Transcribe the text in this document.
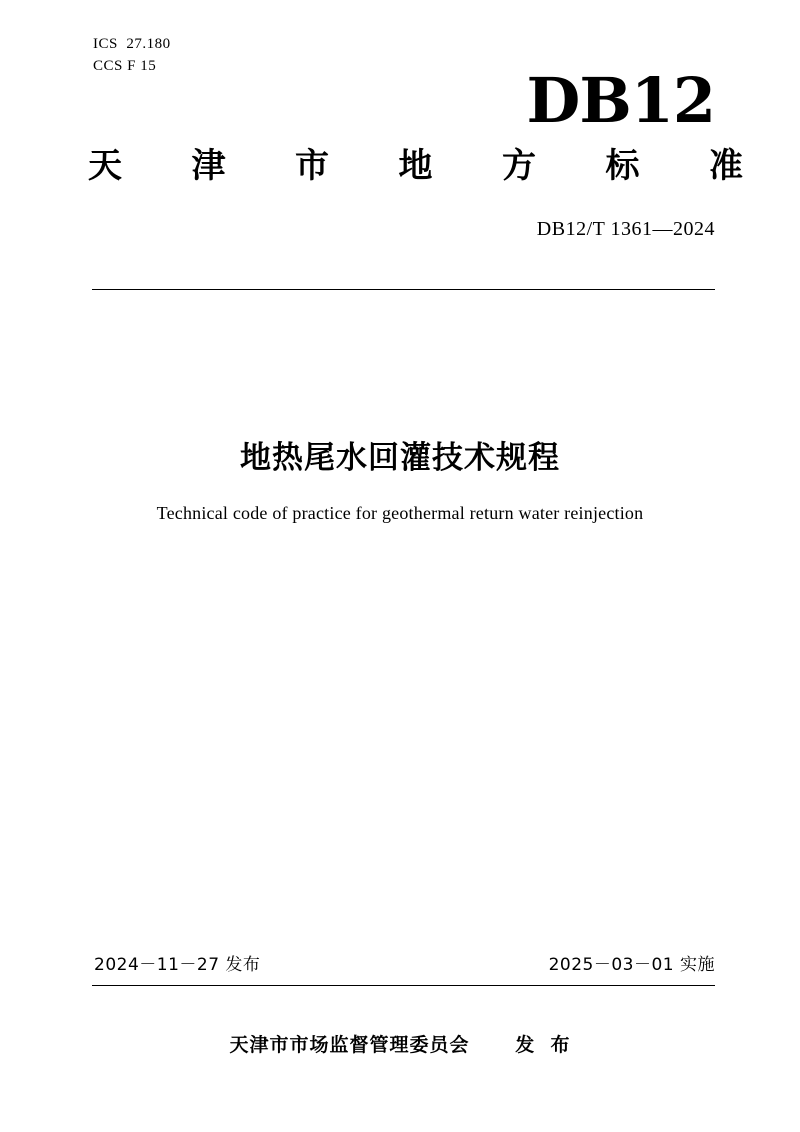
ICS  27.180
CCS F 15	DB12
天 津 市 地 方 标 准
DB12/T 1361—2024
地热尾水回灌技术规程
Technical code of practice for geothermal return water reinjection
2024－11－27 发布	2025－03－01 实施
天津市市场监督管理委员会      发  布
